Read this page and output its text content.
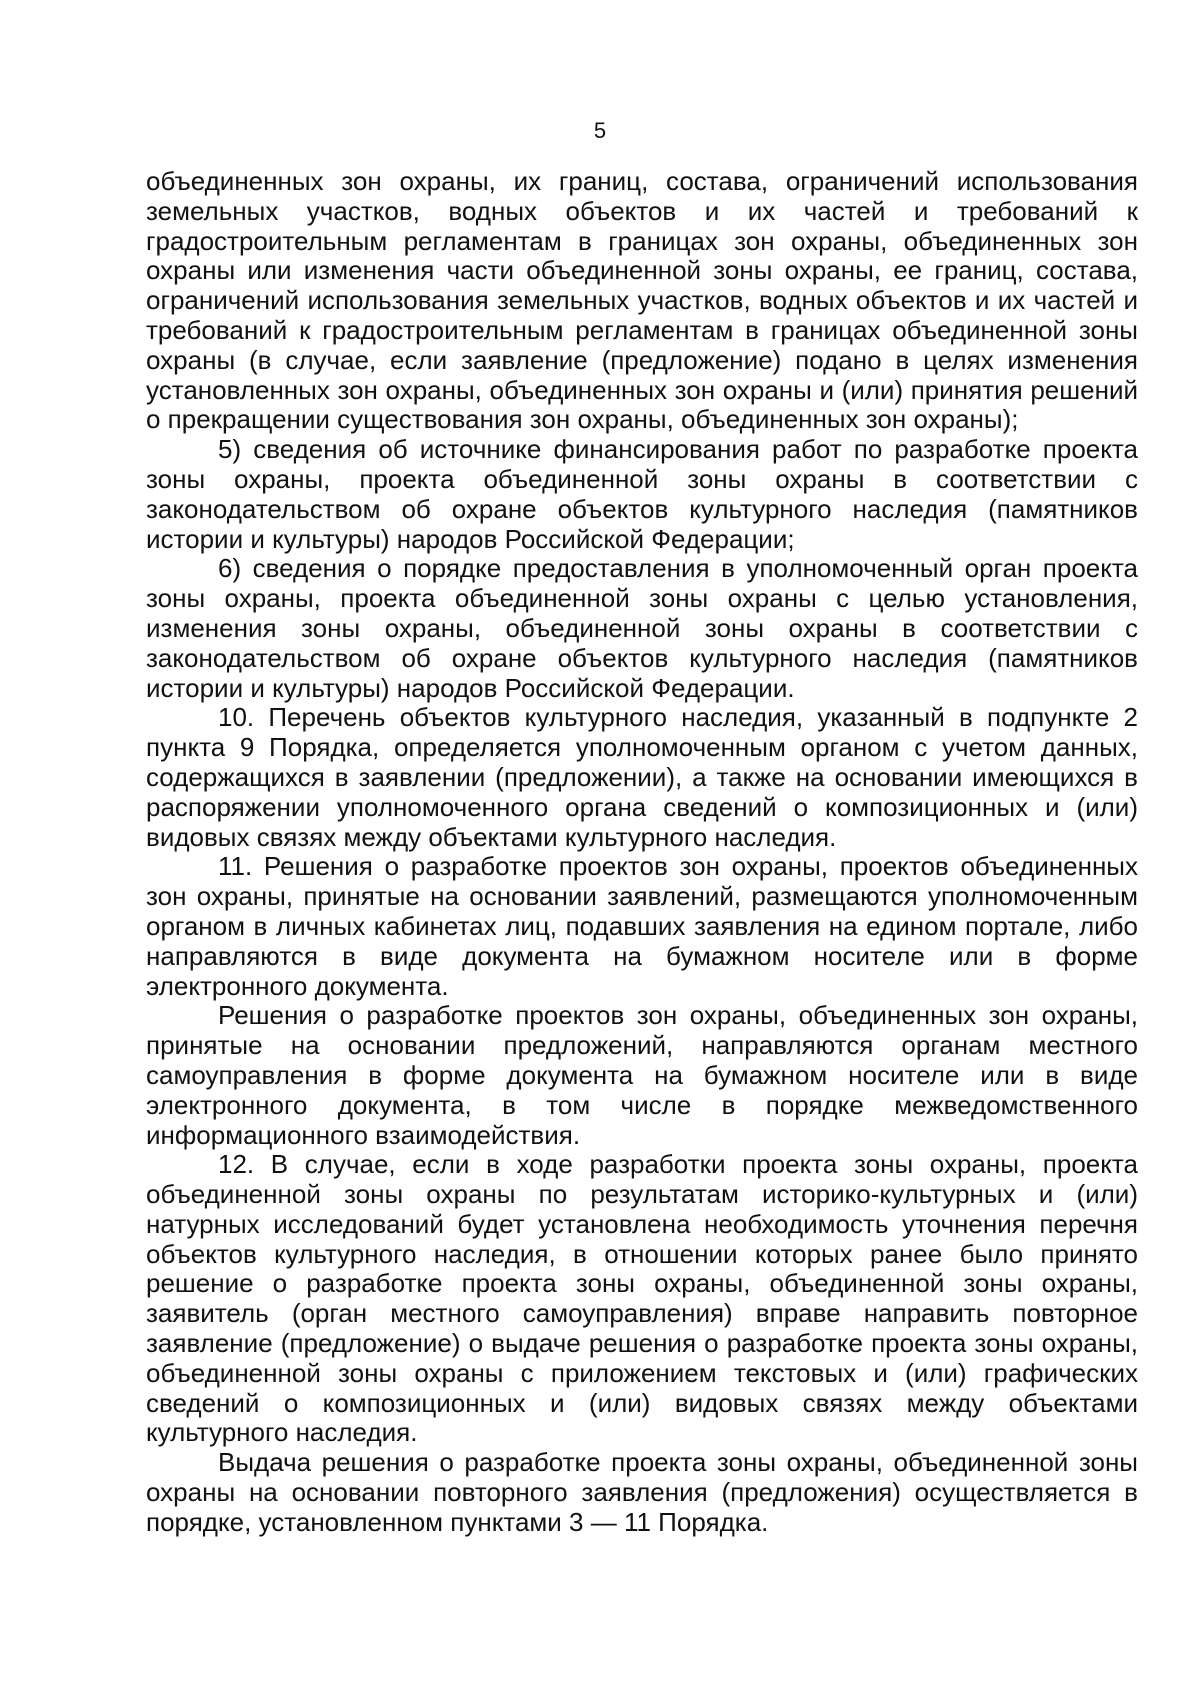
5

объединенных зон охраны, их границ, состава, ограничений использования земельных участков, водных объектов и их частей и требований к градостроительным регламентам в границах зон охраны, объединенных зон охраны или изменения части объединенной зоны охраны, ее границ, состава, ограничений использования земельных участков, водных объектов и их частей и требований к градостроительным регламентам в границах объединенной зоны охраны (в случае, если заявление (предложение) подано в целях изменения установленных зон охраны, объединенных зон охраны и (или) принятия решений о прекращении существования зон охраны, объединенных зон охраны);

5) сведения об источнике финансирования работ по разработке проекта зоны охраны, проекта объединенной зоны охраны в соответствии с законодательством об охране объектов культурного наследия (памятников истории и культуры) народов Российской Федерации;

6) сведения о порядке предоставления в уполномоченный орган проекта зоны охраны, проекта объединенной зоны охраны с целью установления, изменения зоны охраны, объединенной зоны охраны в соответствии с законодательством об охране объектов культурного наследия (памятников истории и культуры) народов Российской Федерации.

10. Перечень объектов культурного наследия, указанный в подпункте 2 пункта 9 Порядка, определяется уполномоченным органом с учетом данных, содержащихся в заявлении (предложении), а также на основании имеющихся в распоряжении уполномоченного органа сведений о композиционных и (или) видовых связях между объектами культурного наследия.

11. Решения о разработке проектов зон охраны, проектов объединенных зон охраны, принятые на основании заявлений, размещаются уполномоченным органом в личных кабинетах лиц, подавших заявления на едином портале, либо направляются в виде документа на бумажном носителе или в форме электронного документа.

Решения о разработке проектов зон охраны, объединенных зон охраны, принятые на основании предложений, направляются органам местного самоуправления в форме документа на бумажном носителе или в виде электронного документа, в том числе в порядке межведомственного информационного взаимодействия.

12. В случае, если в ходе разработки проекта зоны охраны, проекта объединенной зоны охраны по результатам историко-культурных и (или) натурных исследований будет установлена необходимость уточнения перечня объектов культурного наследия, в отношении которых ранее было принято решение о разработке проекта зоны охраны, объединенной зоны охраны, заявитель (орган местного самоуправления) вправе направить повторное заявление (предложение) о выдаче решения о разработке проекта зоны охраны, объединенной зоны охраны с приложением текстовых и (или) графических сведений о композиционных и (или) видовых связях между объектами культурного наследия.

Выдача решения о разработке проекта зоны охраны, объединенной зоны охраны на основании повторного заявления (предложения) осуществляется в порядке, установленном пунктами 3 — 11 Порядка.
